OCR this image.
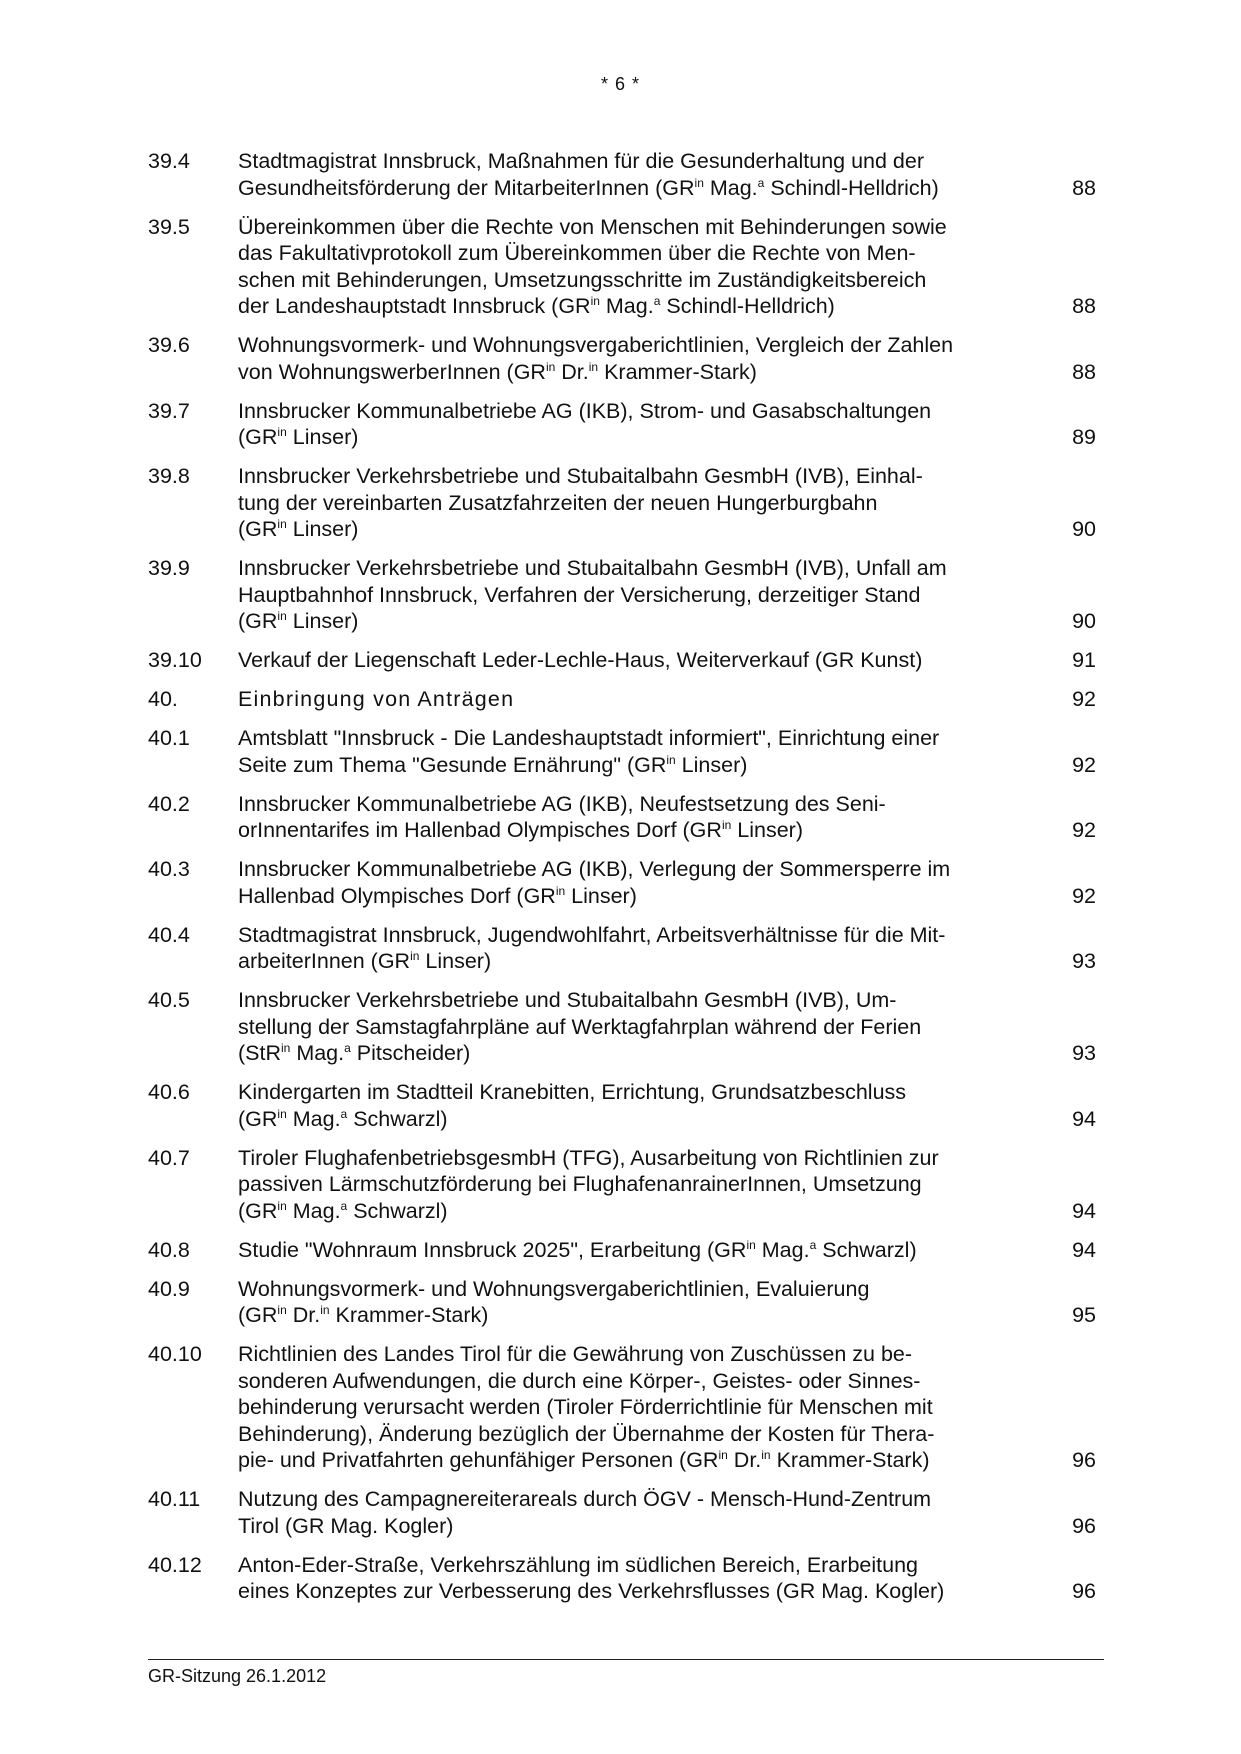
* 6 *
39.4	Stadtmagistrat Innsbruck, Maßnahmen für die Gesunderhaltung und der
Gesundheitsförderung der MitarbeiterInnen ($GR^{in}$ Mag.$^a$ Schindl-Helldrich)	88
39.5	Übereinkommen über die Rechte von Menschen mit Behinderungen sowie
das Fakultativprotokoll zum Übereinkommen über die Rechte von Men-
schen mit Behinderungen, Umsetzungsschritte im Zuständigkeitsbereich
der Landeshauptstadt Innsbruck ($GR^{in}$ Mag.$^a$ Schindl-Helldrich)	88
39.6	Wohnungsvormerk- und Wohnungsvergaberichtlinien, Vergleich der Zahlen
von WohnungswerberInnen ($GR^{in}$ Dr.$^{in}$ Krammer-Stark)	88
39.7	Innsbrucker Kommunalbetriebe AG (IKB), Strom- und Gasabschaltungen
($GR^{in}$ Linser)	89
39.8	Innsbrucker Verkehrsbetriebe und Stubaitalbahn GesmbH (IVB), Einhal-
tung der vereinbarten Zusatzfahrzeiten der neuen Hungerburgbahn
($GR^{in}$ Linser)	90
39.9	Innsbrucker Verkehrsbetriebe und Stubaitalbahn GesmbH (IVB), Unfall am
Hauptbahnhof Innsbruck, Verfahren der Versicherung, derzeitiger Stand
($GR^{in}$ Linser)	90
39.10	Verkauf der Liegenschaft Leder-Lechle-Haus, Weiterverkauf (GR Kunst)	91
40.	Einbringung von Anträgen	92
40.1	Amtsblatt "Innsbruck - Die Landeshauptstadt informiert", Einrichtung einer
Seite zum Thema "Gesunde Ernährung" ($GR^{in}$ Linser)	92
40.2	Innsbrucker Kommunalbetriebe AG (IKB), Neufestsetzung des Seni-
orInnentarifes im Hallenbad Olympisches Dorf ($GR^{in}$ Linser)	92
40.3	Innsbrucker Kommunalbetriebe AG (IKB), Verlegung der Sommersperre im
Hallenbad Olympisches Dorf ($GR^{in}$ Linser)	92
40.4	Stadtmagistrat Innsbruck, Jugendwohlfahrt, Arbeitsverhältnisse für die Mit-
arbeiterInnen ($GR^{in}$ Linser)	93
40.5	Innsbrucker Verkehrsbetriebe und Stubaitalbahn GesmbH (IVB), Um-
stellung der Samstagfahrpläne auf Werktagfahrplan während der Ferien
(StR$^{in}$ Mag.$^a$ Pitscheider)	93
40.6	Kindergarten im Stadtteil Kranebitten, Errichtung, Grundsatzbeschluss
($GR^{in}$ Mag.$^a$ Schwarzl)	94
40.7	Tiroler FlughafenbetriebsgesmbH (TFG), Ausarbeitung von Richtlinien zur
passiven Lärmschutzförderung bei FlughafenanrainerInnen, Umsetzung
($GR^{in}$ Mag.$^a$ Schwarzl)	94
40.8	Studie "Wohnraum Innsbruck 2025", Erarbeitung ($GR^{in}$ Mag.$^a$ Schwarzl)	94
40.9	Wohnungsvormerk- und Wohnungsvergaberichtlinien, Evaluierung
($GR^{in}$ Dr.$^{in}$ Krammer-Stark)	95
40.10	Richtlinien des Landes Tirol für die Gewährung von Zuschüssen zu be-
sonderen Aufwendungen, die durch eine Körper-, Geistes- oder Sinnes-
behinderung verursacht werden (Tiroler Förderrichtlinie für Menschen mit
Behinderung), Änderung bezüglich der Übernahme der Kosten für Thera-
pie- und Privatfahrten gehunfähiger Personen ($GR^{in}$ Dr.$^{in}$ Krammer-Stark)	96
40.11	Nutzung des Campagnereiterareals durch ÖGV - Mensch-Hund-Zentrum
Tirol (GR Mag. Kogler)	96
40.12	Anton-Eder-Straße, Verkehrszählung im südlichen Bereich, Erarbeitung
eines Konzeptes zur Verbesserung des Verkehrsflusses (GR Mag. Kogler)	96
GR-Sitzung 26.1.2012
